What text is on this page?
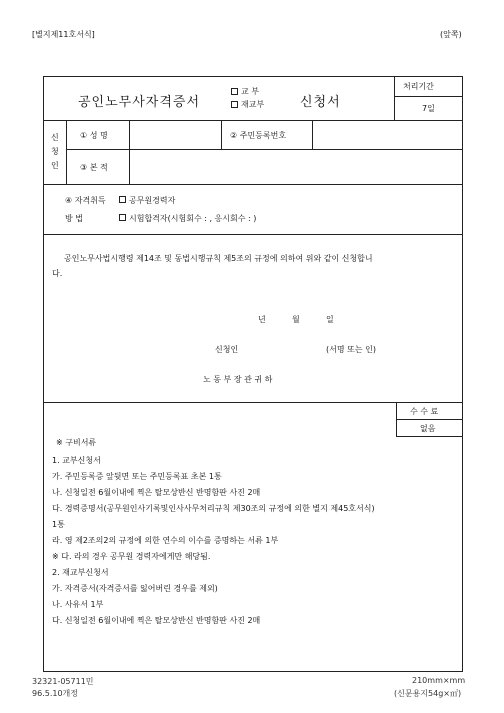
[별지제11호서식]	(앞쪽)
공인노무사자격증서
교 부
재교부	신청서
처리기간
7일
신
청
인
① 성 명	② 주민등록번호
③ 본 적
④ 자격취득	공무원경력자
방 법	시험합격자(시험회수 : , 응시회수 : )
공인노무사법시행령 제14조 및 동법시행규칙 제5조의 규정에 의하여 위와 같이 신청합니
다.
년	월	일
신청인	(서명 또는 인)
노 동 부 장 관 귀 하
수 수 료
없음
※ 구비서류
1. 교부신청서
가. 주민등록증 앞뒷면 또는 주민등록표 초본 1통
나. 신청일전 6월이내에 찍은 탈모상반신 반명함판 사진 2매
다. 경력증명서(공무원인사기록및인사사무처리규칙 제30조의 규정에 의한 별지 제45호서식)
1통
라. 영 제2조의2의 규정에 의한 연수의 이수를 증명하는 서류 1부
※ 다. 라의 경우 공무원 경력자에게만 해당됨.
2. 재교부신청서
가. 자격증서(자격증서를 잃어버린 경우를 제외)
나. 사유서 1부
다. 신청일전 6월이내에 찍은 탈모상반신 반명함판 사진 2매
32321-05711민
96.5.10개정
210mm×mm
(신문용지54g×㎡)
